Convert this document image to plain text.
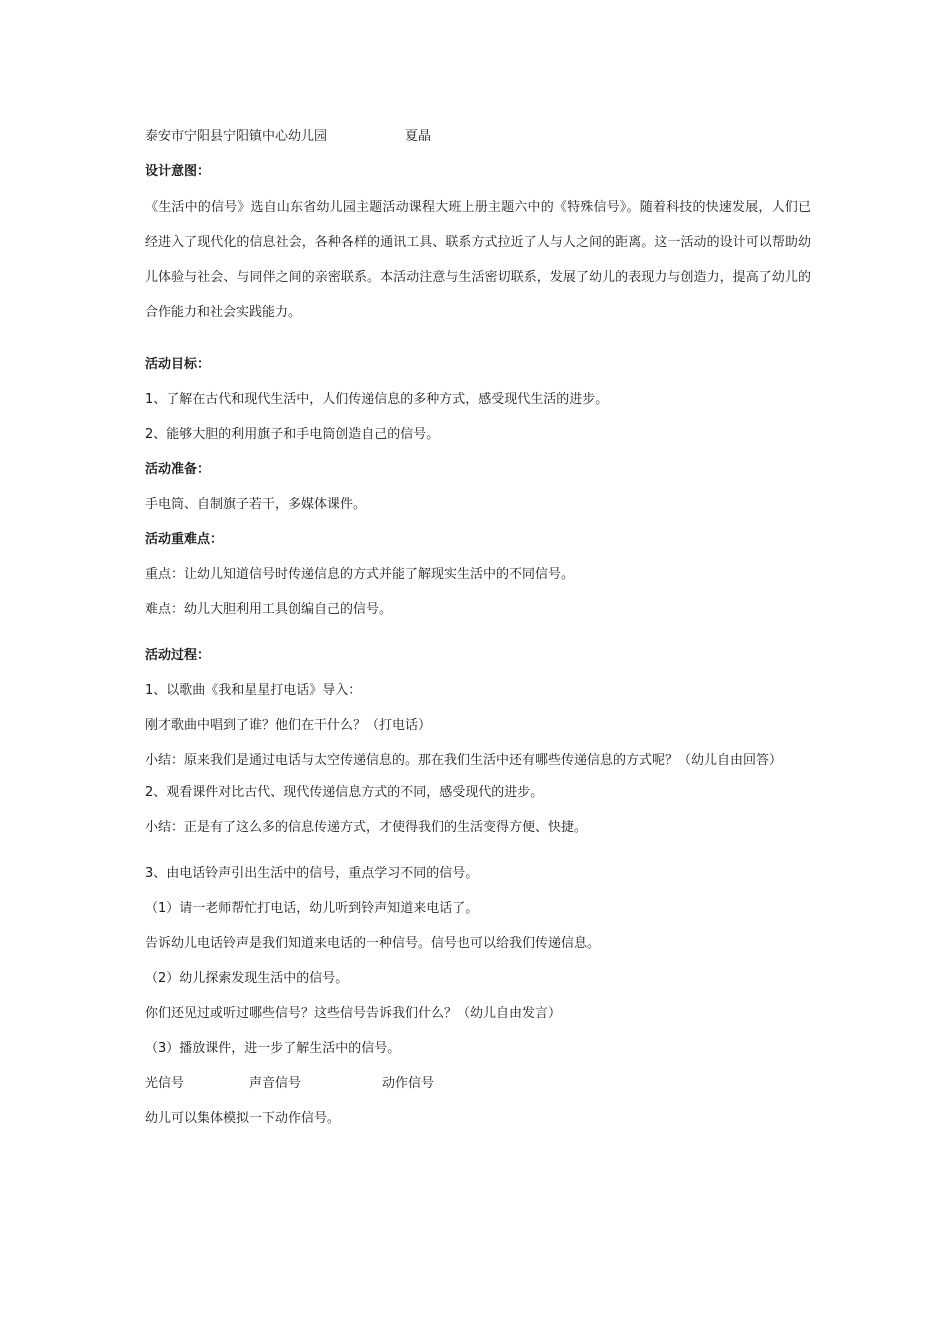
泰安市宁阳县宁阳镇中心幼儿园	夏晶
设计意图：

《生活中的信号》选自山东省幼儿园主题活动课程大班上册主题六中的《特殊信号》。随着科技的快速发展，人们已经进入了现代化的信息社会，各种各样的通讯工具、联系方式拉近了人与人之间的距离。这一活动的设计可以帮助幼儿体验与社会、与同伴之间的亲密联系。本活动注意与生活密切联系，发展了幼儿的表现力与创造力，提高了幼儿的合作能力和社会实践能力。

活动目标：
1、了解在古代和现代生活中，人们传递信息的多种方式，感受现代生活的进步。
2、能够大胆的利用旗子和手电筒创造自己的信号。
活动准备：
手电筒、自制旗子若干，多媒体课件。
活动重难点：
重点：让幼儿知道信号时传递信息的方式并能了解现实生活中的不同信号。
难点：幼儿大胆利用工具创编自己的信号。
活动过程：
1、以歌曲《我和星星打电话》导入：
刚才歌曲中唱到了谁？他们在干什么？（打电话）

小结：原来我们是通过电话与太空传递信息的。那在我们生活中还有哪些传递信息的方式呢？（幼儿自由回答）

2、观看课件对比古代、现代传递信息方式的不同，感受现代的进步。
小结：正是有了这么多的信息传递方式，才使得我们的生活变得方便、快捷。
3、由电话铃声引出生活中的信号，重点学习不同的信号。
（1）请一老师帮忙打电话，幼儿听到铃声知道来电话了。
告诉幼儿电话铃声是我们知道来电话的一种信号。信号也可以给我们传递信息。
（2）幼儿探索发现生活中的信号。
你们还见过或听过哪些信号？这些信号告诉我们什么？（幼儿自由发言）
（3）播放课件，进一步了解生活中的信号。
光信号	声音信号	动作信号
幼儿可以集体模拟一下动作信号。
